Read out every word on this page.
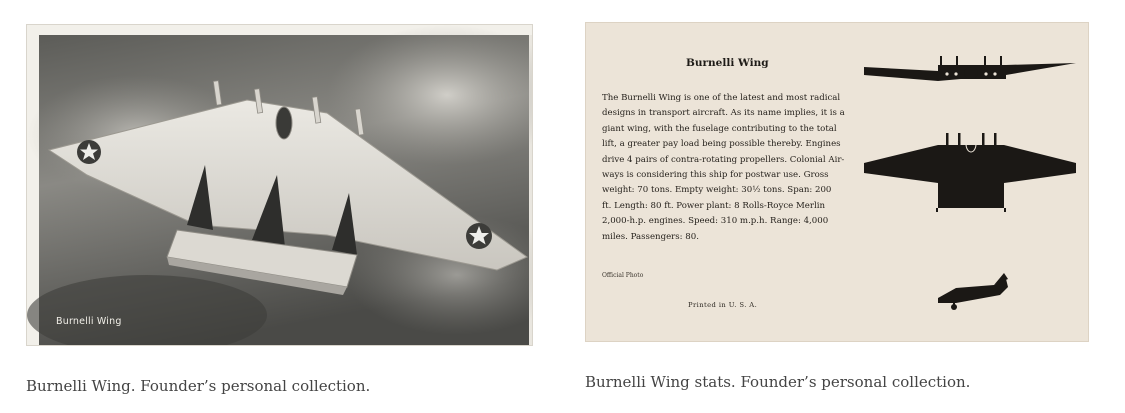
Burnelli Wing
Burnelli Wing. Founder’s personal collection.
Burnelli Wing
The Burnelli Wing is one of the latest and most radical
designs in transport aircraft. As its name implies, it is a
giant wing, with the fuselage contributing to the total
lift, a greater pay load being possible thereby. Engines
drive 4 pairs of contra-rotating propellers. Colonial Air-
ways is considering this ship for postwar use. Gross
weight: 70 tons. Empty weight: 30½ tons. Span: 200
ft. Length: 80 ft. Power plant: 8 Rolls-Royce Merlin
2,000-h.p. engines. Speed: 310 m.p.h. Range: 4,000
miles. Passengers: 80.
Official Photo
Printed in U. S. A.
Burnelli Wing stats. Founder’s personal collection.
